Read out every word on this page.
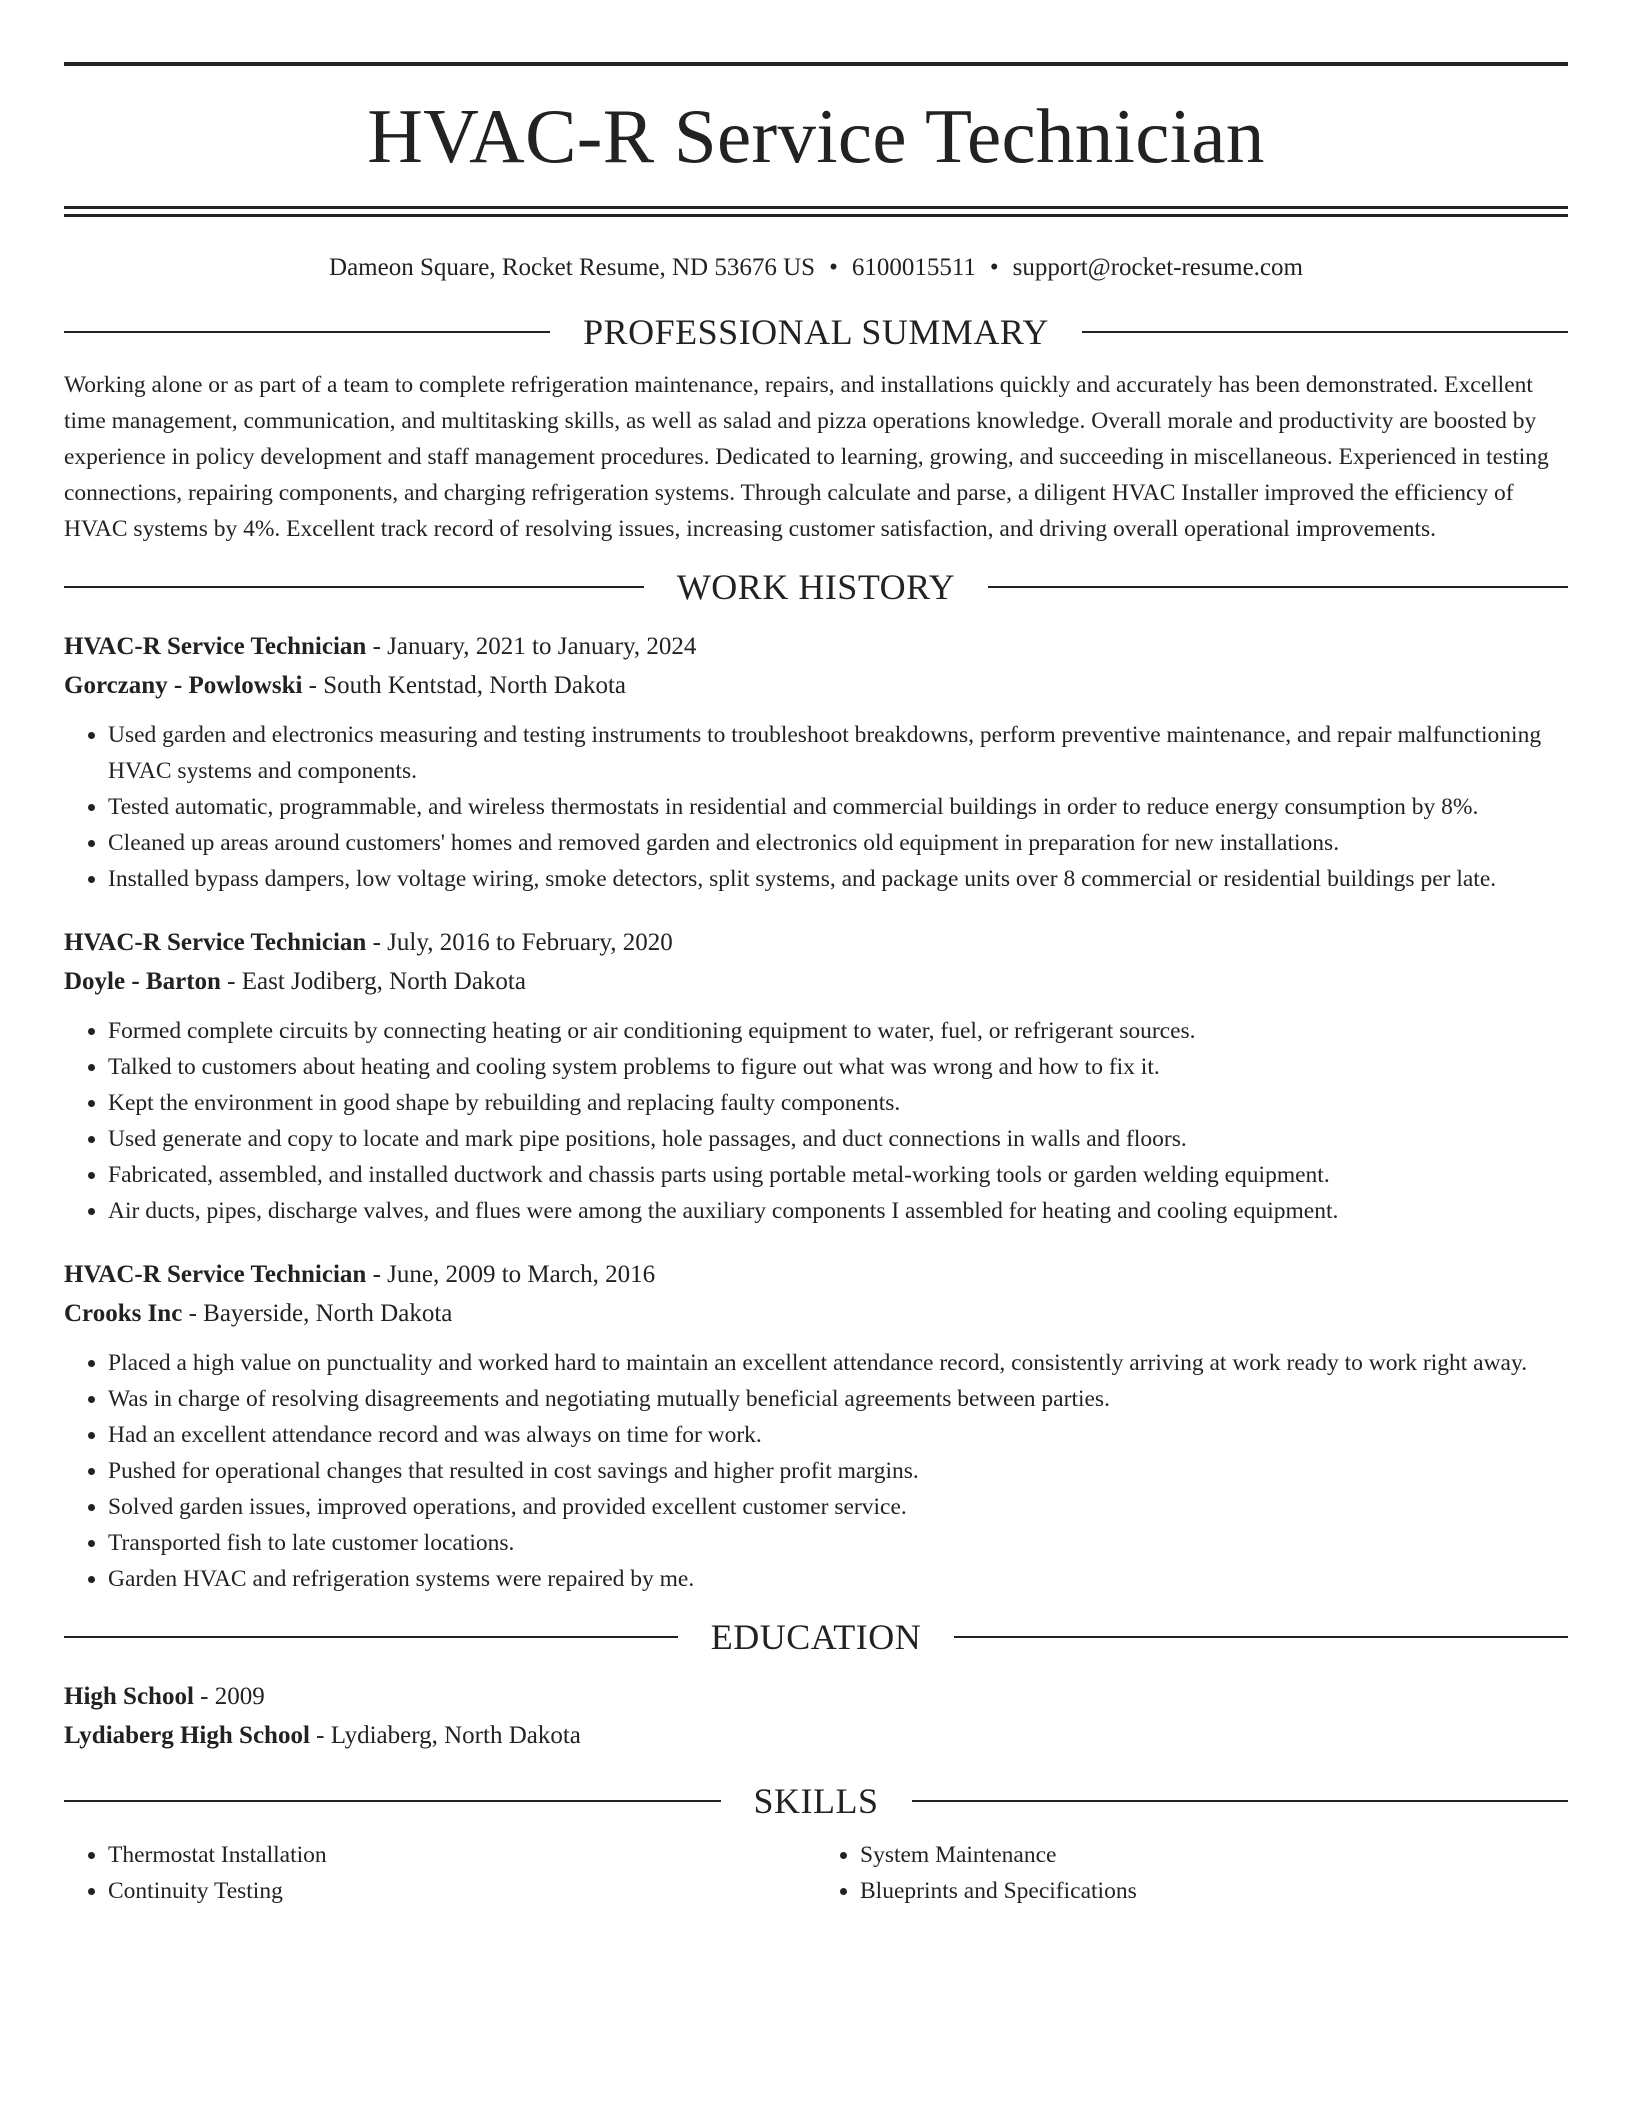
HVAC-R Service Technician
Dameon Square, Rocket Resume, ND 53676 US • 6100015511 • support@rocket-resume.com
PROFESSIONAL SUMMARY

Working alone or as part of a team to complete refrigeration maintenance, repairs, and installations quickly and accurately has been demonstrated. Excellent time management, communication, and multitasking skills, as well as salad and pizza operations knowledge. Overall morale and productivity are boosted by experience in policy development and staff management procedures. Dedicated to learning, growing, and succeeding in miscellaneous. Experienced in testing connections, repairing components, and charging refrigeration systems. Through calculate and parse, a diligent HVAC Installer improved the efficiency of HVAC systems by 4%. Excellent track record of resolving issues, increasing customer satisfaction, and driving overall operational improvements.

WORK HISTORY
HVAC-R Service Technician - January, 2021 to January, 2024
Gorczany - Powlowski - South Kentstad, North Dakota
• Used garden and electronics measuring and testing instruments to troubleshoot breakdowns, perform preventive maintenance, and repair malfunctioning HVAC systems and components.
• Tested automatic, programmable, and wireless thermostats in residential and commercial buildings in order to reduce energy consumption by 8%.
• Cleaned up areas around customers' homes and removed garden and electronics old equipment in preparation for new installations.
• Installed bypass dampers, low voltage wiring, smoke detectors, split systems, and package units over 8 commercial or residential buildings per late.
HVAC-R Service Technician - July, 2016 to February, 2020
Doyle - Barton - East Jodiberg, North Dakota
• Formed complete circuits by connecting heating or air conditioning equipment to water, fuel, or refrigerant sources.
• Talked to customers about heating and cooling system problems to figure out what was wrong and how to fix it.
• Kept the environment in good shape by rebuilding and replacing faulty components.
• Used generate and copy to locate and mark pipe positions, hole passages, and duct connections in walls and floors.
• Fabricated, assembled, and installed ductwork and chassis parts using portable metal-working tools or garden welding equipment.
• Air ducts, pipes, discharge valves, and flues were among the auxiliary components I assembled for heating and cooling equipment.
HVAC-R Service Technician - June, 2009 to March, 2016
Crooks Inc - Bayerside, North Dakota
• Placed a high value on punctuality and worked hard to maintain an excellent attendance record, consistently arriving at work ready to work right away.
• Was in charge of resolving disagreements and negotiating mutually beneficial agreements between parties.
• Had an excellent attendance record and was always on time for work.
• Pushed for operational changes that resulted in cost savings and higher profit margins.
• Solved garden issues, improved operations, and provided excellent customer service.
• Transported fish to late customer locations.
• Garden HVAC and refrigeration systems were repaired by me.
EDUCATION
High School - 2009
Lydiaberg High School - Lydiaberg, North Dakota
SKILLS
• Thermostat Installation
• Continuity Testing
• System Maintenance
• Blueprints and Specifications
